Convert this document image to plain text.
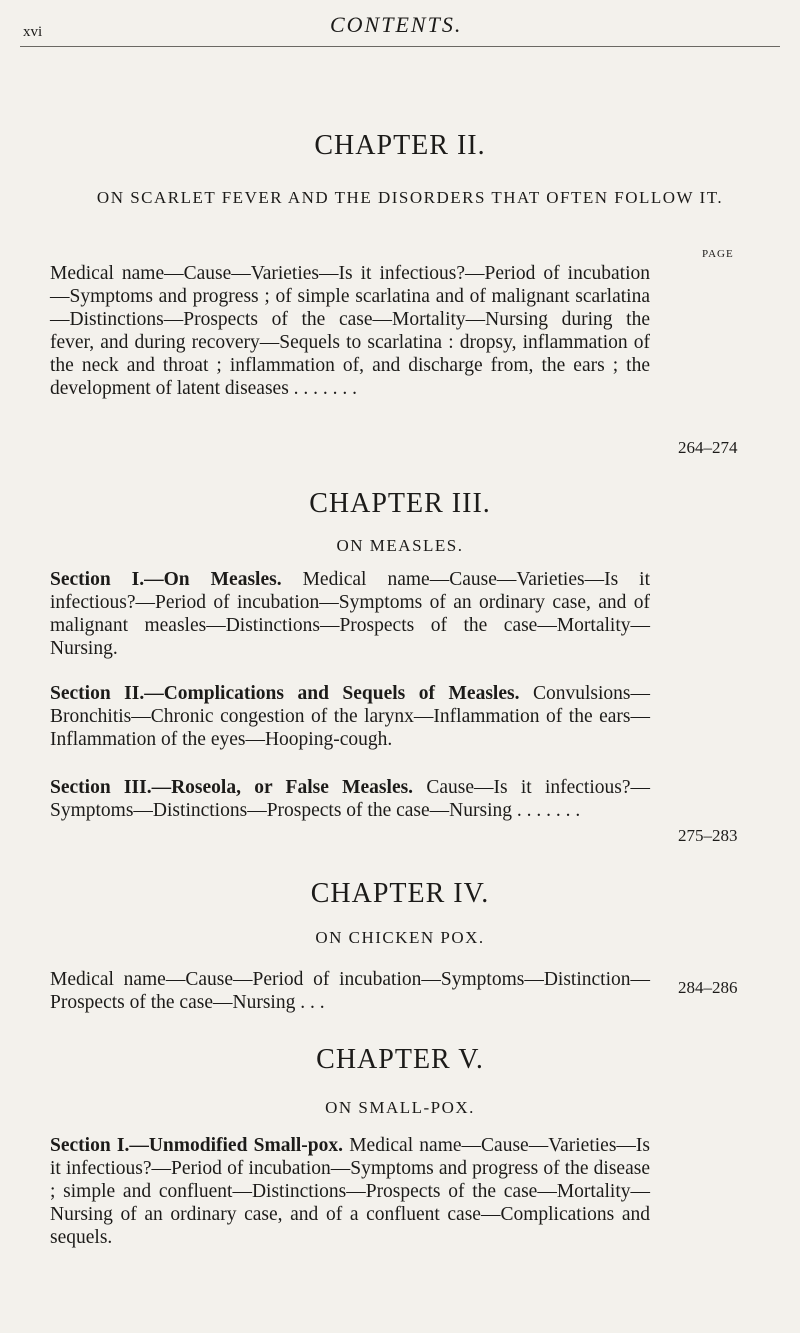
xvi	CONTENTS.
CHAPTER II.
ON SCARLET FEVER AND THE DISORDERS THAT OFTEN FOLLOW IT.
PAGE
Medical name—Cause—Varieties—Is it infectious?—Period of incubation—Symptoms and progress ; of simple scarlatina and of malignant scarlatina—Distinctions—Prospects of the case—Mortality—Nursing during the fever, and during recovery—Sequels to scarlatina : dropsy, inflammation of the neck and throat ; inflammation of, and discharge from, the ears ; the development of latent diseases . . . . . . .
264–274
CHAPTER III.
ON MEASLES.
Section I.—On Measles. Medical name—Cause—Varieties—Is it infectious?—Period of incubation—Symptoms of an ordinary case, and of malignant measles—Distinctions—Prospects of the case—Mortality—Nursing.
Section II.—Complications and Sequels of Measles. Convulsions—Bronchitis—Chronic congestion of the larynx—Inflammation of the ears—Inflammation of the eyes—Hooping-cough.
Section III.—Roseola, or False Measles. Cause—Is it infectious?—Symptoms—Distinctions—Prospects of the case—Nursing . . . . . . .
275–283
CHAPTER IV.
ON CHICKEN POX.
Medical name—Cause—Period of incubation—Symptoms—Distinction—Prospects of the case—Nursing . . .
284–286
CHAPTER V.
ON SMALL-POX.
Section I.—Unmodified Small-pox. Medical name—Cause—Varieties—Is it infectious?—Period of incubation—Symptoms and progress of the disease ; simple and confluent—Distinctions—Prospects of the case—Mortality—Nursing of an ordinary case, and of a confluent case—Complications and sequels.
